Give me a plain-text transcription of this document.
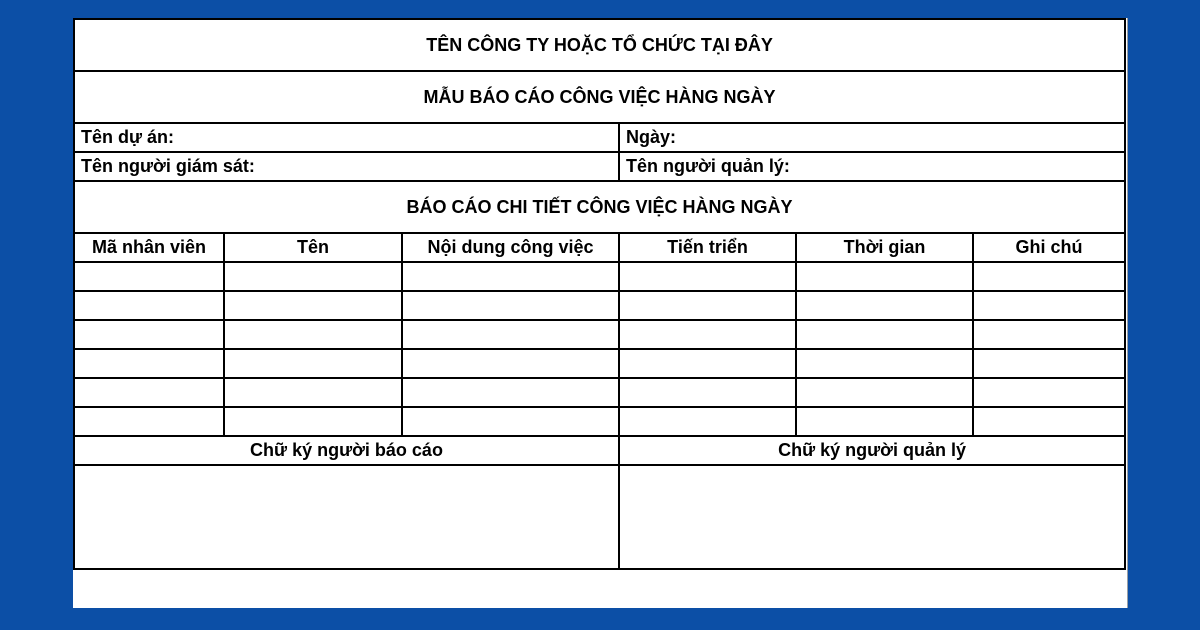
TÊN CÔNG TY HOẶC TỔ CHỨC TẠI ĐÂY					
MẪU BÁO CÁO CÔNG VIỆC HÀNG NGÀY					
Tên dự án:			Ngày:		
Tên người giám sát:			Tên người quản lý:		
BÁO CÁO CHI TIẾT CÔNG VIỆC HÀNG NGÀY					
Mã nhân viên	Tên	Nội dung công việc	Tiến triển	Thời gian	Ghi chú

Chữ ký người báo cáo			Chữ ký người quản lý		
